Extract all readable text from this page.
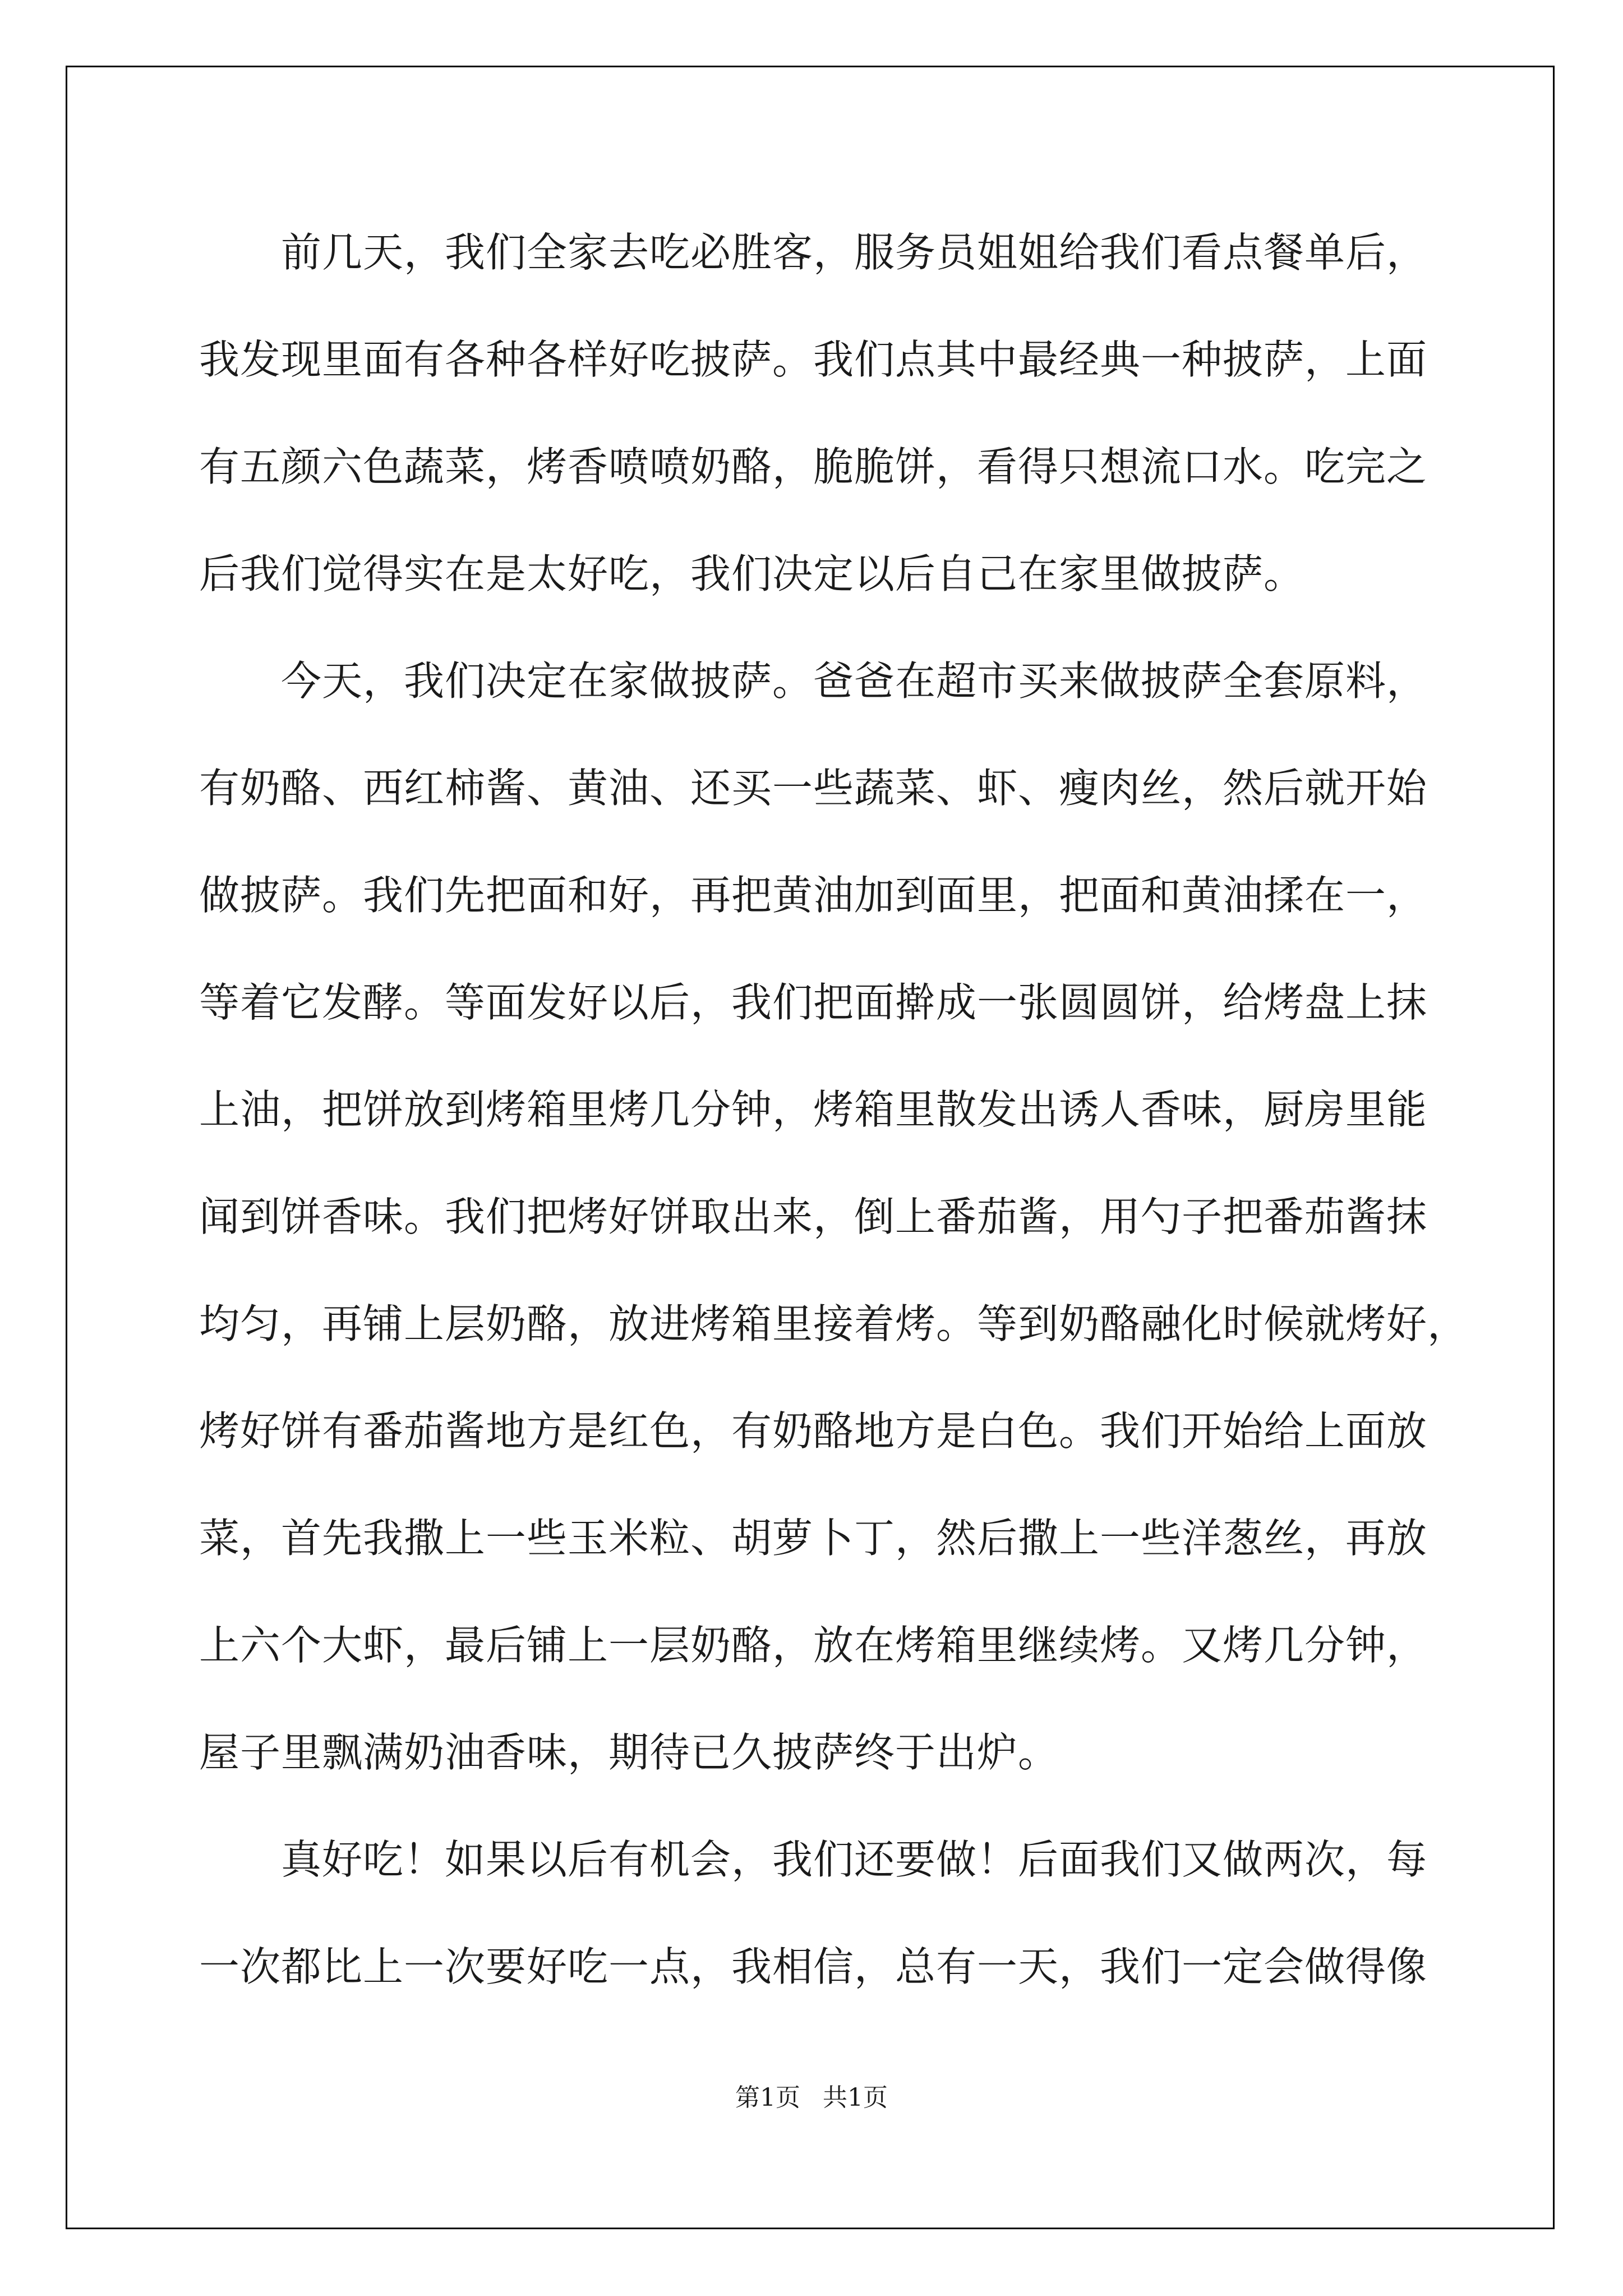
前几天，我们全家去吃必胜客，服务员姐姐给我们看点餐单后，
我发现里面有各种各样好吃披萨。我们点其中最经典一种披萨，上面
有五颜六色蔬菜，烤香喷喷奶酪，脆脆饼，看得只想流口水。吃完之
后我们觉得实在是太好吃，我们决定以后自己在家里做披萨。
今天，我们决定在家做披萨。爸爸在超市买来做披萨全套原料，
有奶酪、西红柿酱、黄油、还买一些蔬菜、虾、瘦肉丝，然后就开始
做披萨。我们先把面和好，再把黄油加到面里，把面和黄油揉在一，
等着它发酵。等面发好以后，我们把面擀成一张圆圆饼，给烤盘上抹
上油，把饼放到烤箱里烤几分钟，烤箱里散发出诱人香味，厨房里能
闻到饼香味。我们把烤好饼取出来，倒上番茄酱，用勺子把番茄酱抹
均匀，再铺上层奶酪，放进烤箱里接着烤。等到奶酪融化时候就烤好，
烤好饼有番茄酱地方是红色，有奶酪地方是白色。我们开始给上面放
菜，首先我撒上一些玉米粒、胡萝卜丁，然后撒上一些洋葱丝，再放
上六个大虾，最后铺上一层奶酪，放在烤箱里继续烤。又烤几分钟，
屋子里飘满奶油香味，期待已久披萨终于出炉。
真好吃！如果以后有机会，我们还要做！后面我们又做两次，每
一次都比上一次要好吃一点，我相信，总有一天，我们一定会做得像
第1页 共1页
